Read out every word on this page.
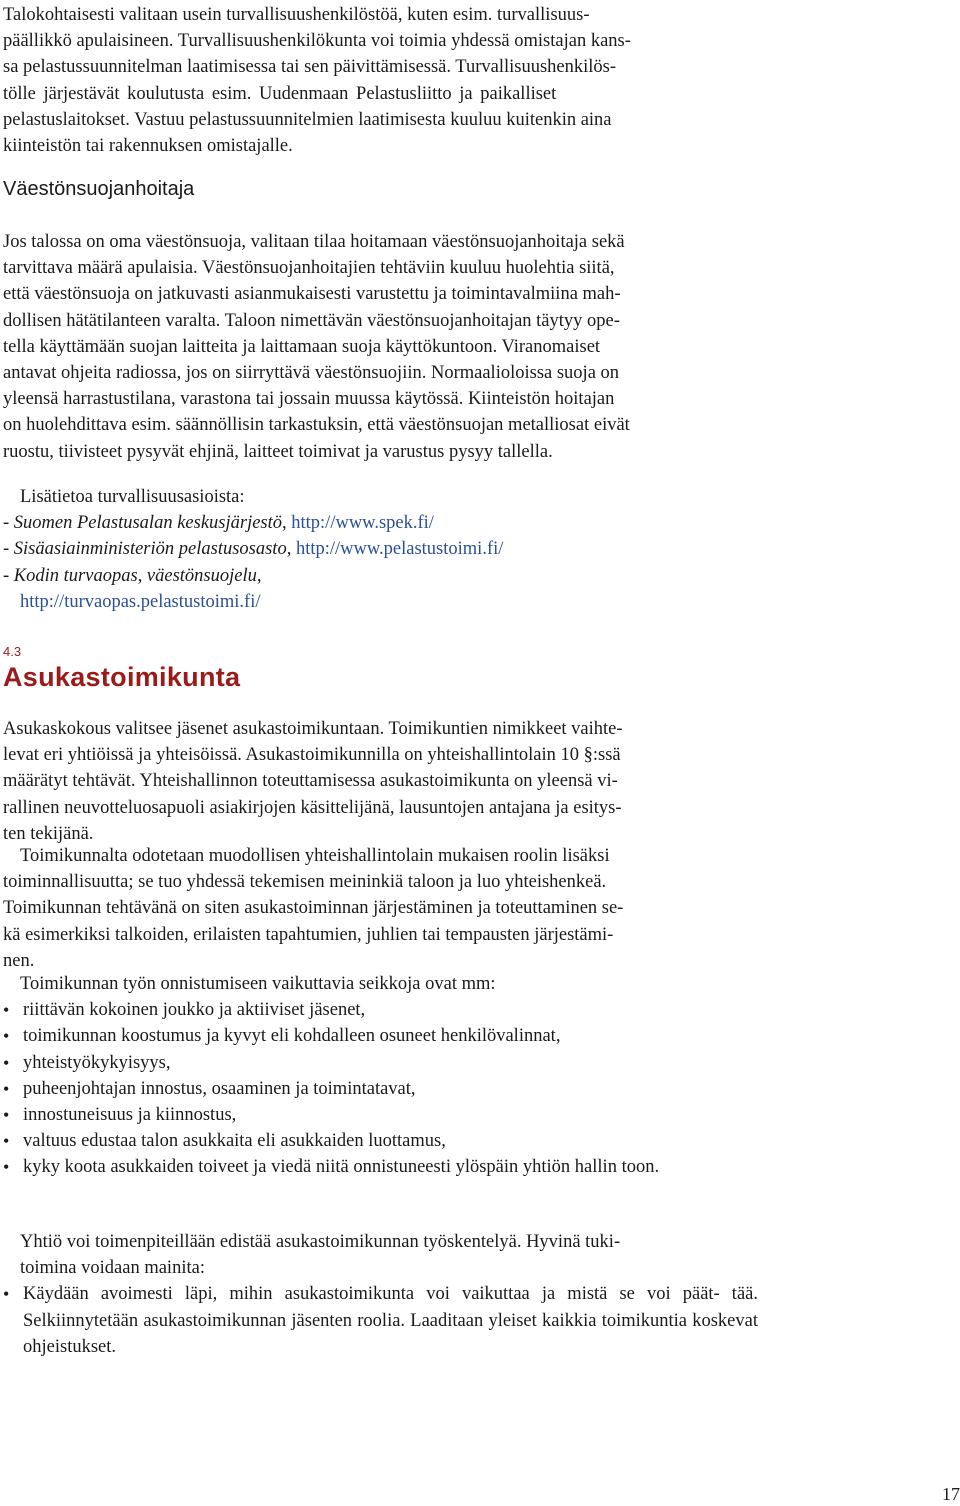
Talokohtaisesti valitaan usein turvallisuushenkilöstöä, kuten esim. turvallisuus-
päällikkö apulaisineen. Turvallisuushenkilökunta voi toimia yhdessä omistajan kans-
sa pelastussuunnitelman laatimisessa tai sen päivittämisessä. Turvallisuushenkilös-
tölle järjestävät koulutusta esim. Uudenmaan Pelastusliitto ja paikalliset
pelastuslaitokset. Vastuu pelastussuunnitelmien laatimisesta kuuluu kuitenkin aina
kiinteistön tai rakennuksen omistajalle.
Väestönsuojanhoitaja
Jos talossa on oma väestönsuoja, valitaan tilaa hoitamaan väestönsuojanhoitaja sekä
tarvittava määrä apulaisia. Väestönsuojanhoitajien tehtäviin kuuluu huolehtia siitä,
että väestönsuoja on jatkuvasti asianmukaisesti varustettu ja toimintavalmiina mah-
dollisen hätätilanteen varalta. Taloon nimettävän väestönsuojanhoitajan täytyy ope-
tella käyttämään suojan laitteita ja laittamaan suoja käyttökuntoon. Viranomaiset
antavat ohjeita radiossa, jos on siirryttävä väestönsuojiin. Normaalioloissa suoja on
yleensä harrastustilana, varastona tai jossain muussa käytössä. Kiinteistön hoitajan
on huolehdittava esim. säännöllisin tarkastuksin, että väestönsuojan metalliosat eivät
ruostu, tiivisteet pysyvät ehjinä, laitteet toimivat ja varustus pysyy tallella.
Lisätietoa turvallisuusasioista:
- Suomen Pelastusalan keskusjärjestö, http://www.spek.fi/
- Sisäasiainministeriön pelastusosasto, http://www.pelastustoimi.fi/
- Kodin turvaopas, väestönsuojelu,
http://turvaopas.pelastustoimi.fi/
4.3
Asukastoimikunta
Asukaskokous valitsee jäsenet asukastoimikuntaan. Toimikuntien nimikkeet vaihte-
levat eri yhtiöissä ja yhteisöissä. Asukastoimikunnilla on yhteishallintolain 10 §:ssä
määrätyt tehtävät. Yhteishallinnon toteuttamisessa asukastoimikunta on yleensä vi-
rallinen neuvotteluosapuoli asiakirjojen käsittelijänä, lausuntojen antajana ja esitys-
ten tekijänä.
Toimikunnalta odotetaan muodollisen yhteishallintolain mukaisen roolin lisäksi
toiminnallisuutta; se tuo yhdessä tekemisen meininkiä taloon ja luo yhteishenkeä.
Toimikunnan tehtävänä on siten asukastoiminnan järjestäminen ja toteuttaminen se-
kä esimerkiksi talkoiden, erilaisten tapahtumien, juhlien tai tempausten järjestämi-
nen.
Toimikunnan työn onnistumiseen vaikuttavia seikkoja ovat mm:
• riittävän kokoinen joukko ja aktiiviset jäsenet,
• toimikunnan koostumus ja kyvyt eli kohdalleen osuneet henkilövalinnat,
• yhteistyökykyisyys,
• puheenjohtajan innostus, osaaminen ja toimintatavat,
• innostuneisuus ja kiinnostus,
• valtuus edustaa talon asukkaita eli asukkaiden luottamus,
• kyky koota asukkaiden toiveet ja viedä niitä onnistuneesti ylöspäin yhtiön hallin toon.
Yhtiö voi toimenpiteillään edistää asukastoimikunnan työskentelyä. Hyvinä tuki-
toimina voidaan mainita:
• Käydään avoimesti läpi, mihin asukastoimikunta voi vaikuttaa ja mistä se voi päät- tää. Selkiinnytetään asukastoimikunnan jäsenten roolia. Laaditaan yleiset kaikkia toimikuntia koskevat ohjeistukset.
17
